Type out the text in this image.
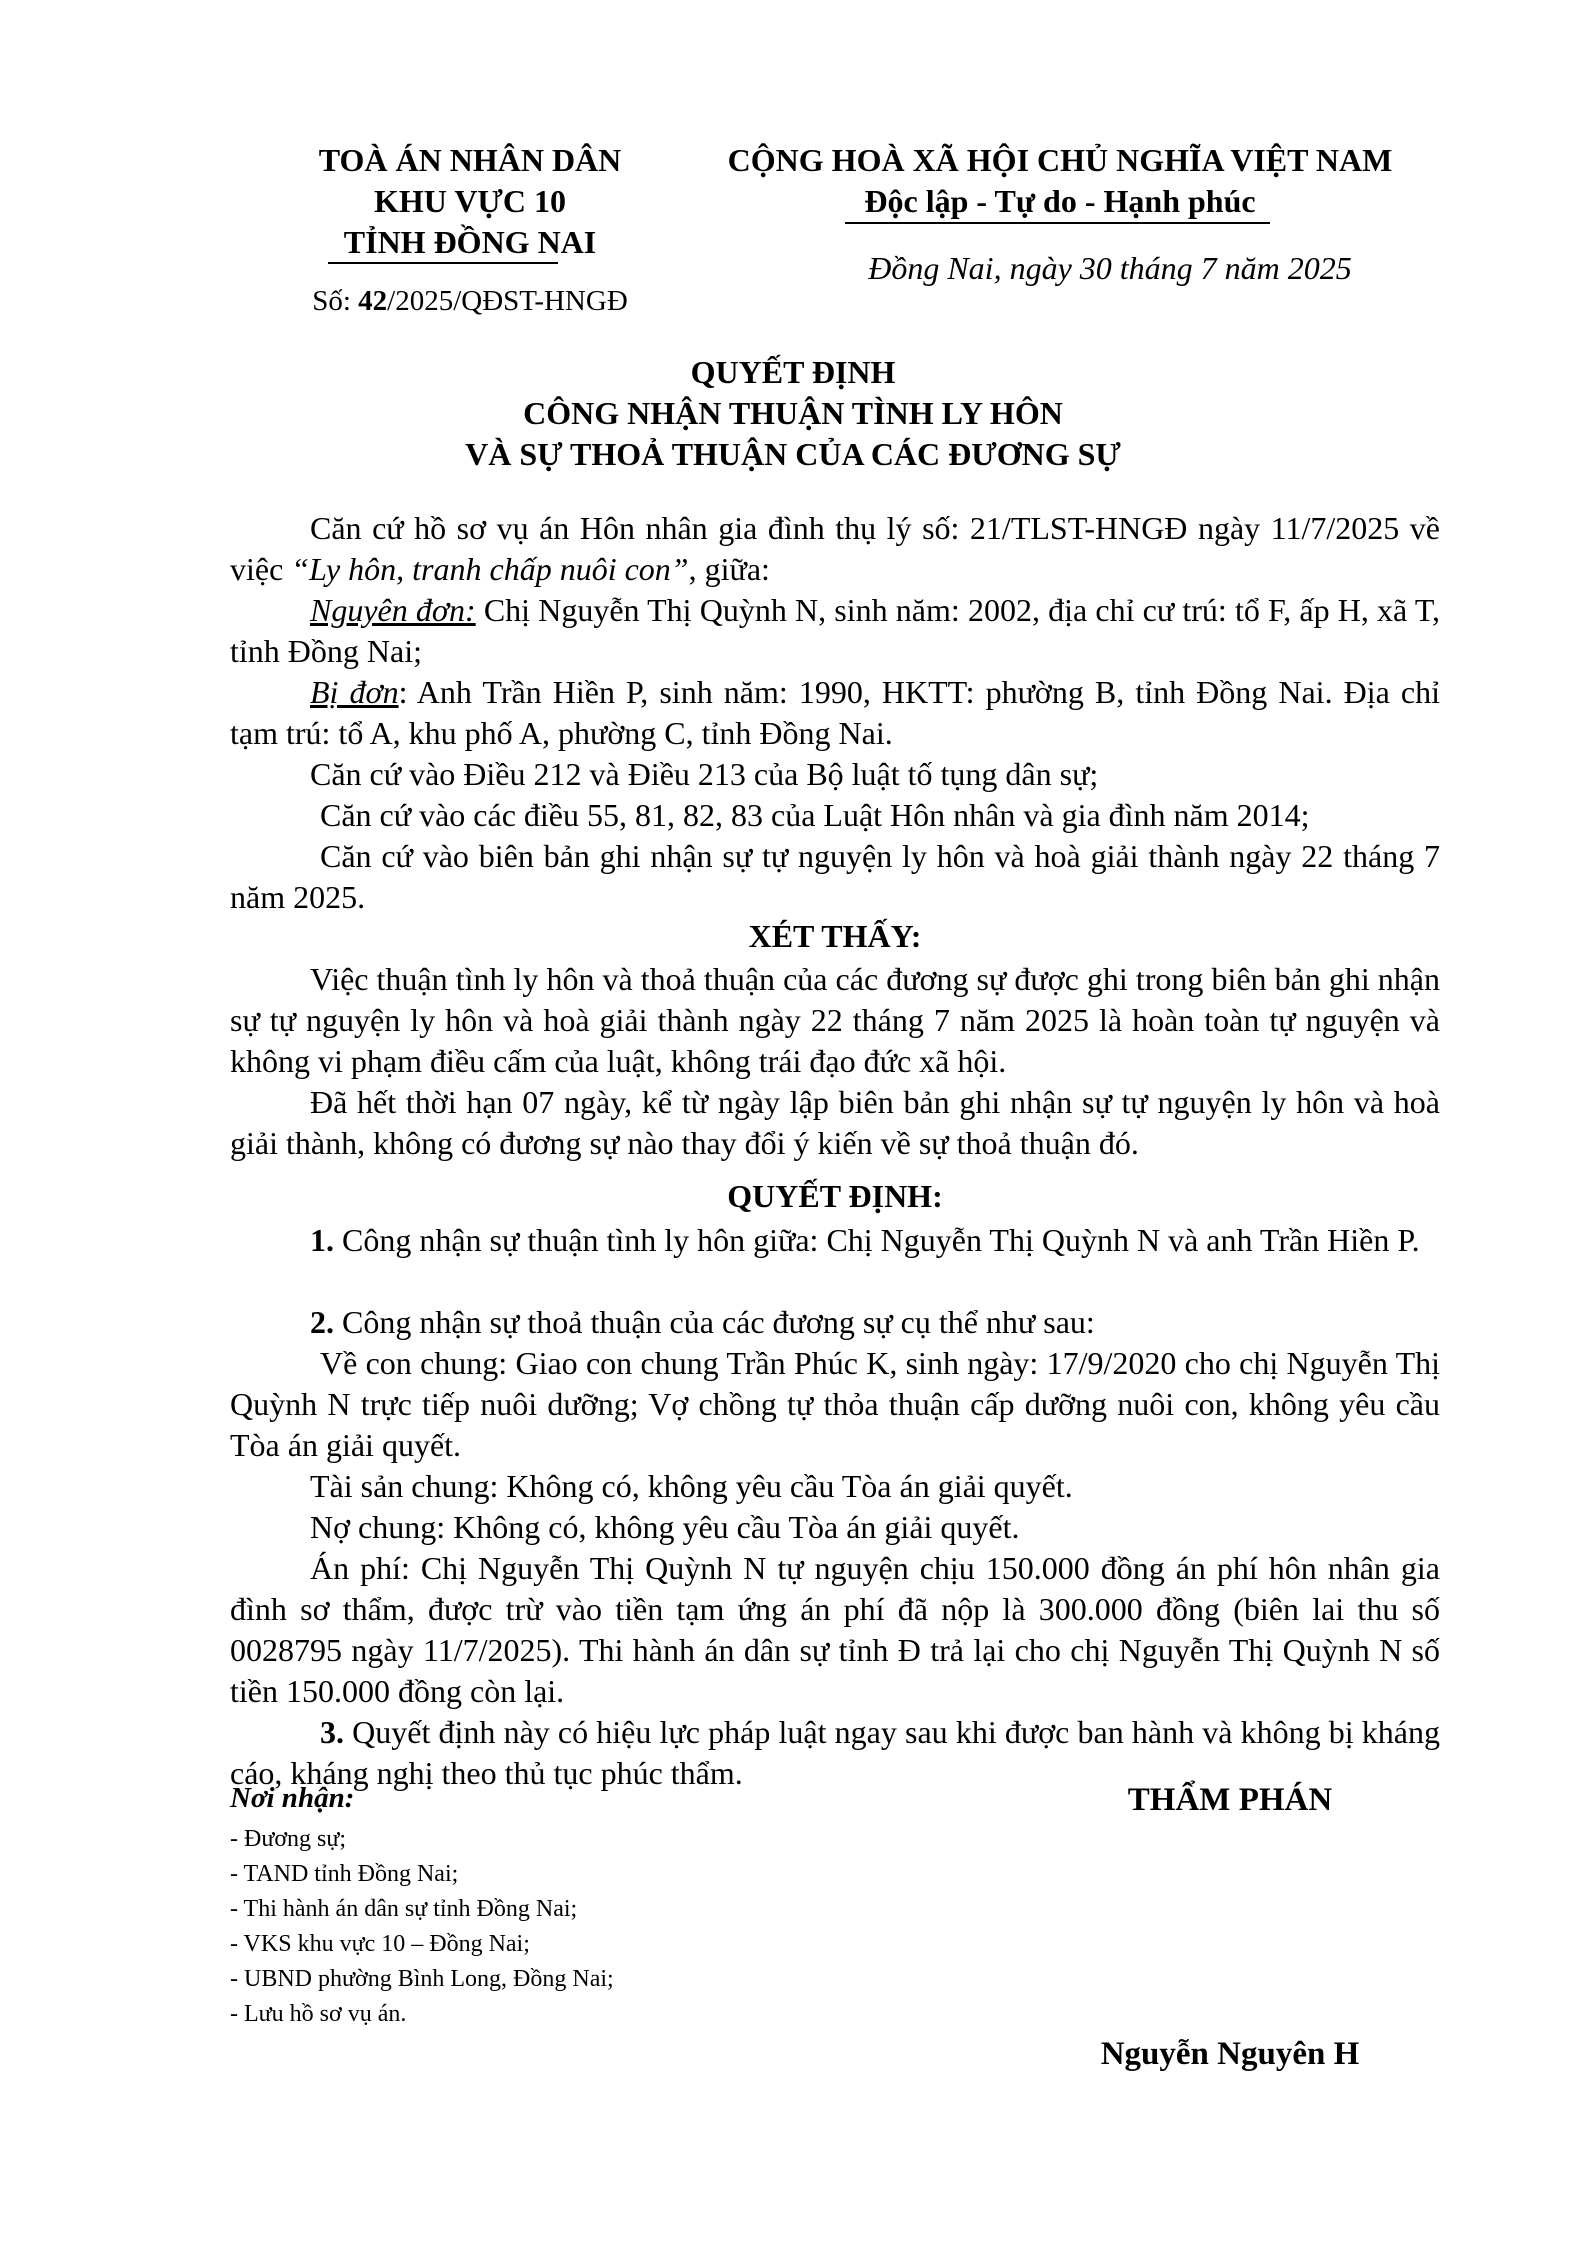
TOÀ ÁN NHÂN DÂN
KHU VỰC 10
TỈNH ĐỒNG NAI
Số: 42/2025/QĐST-HNGĐ
CỘNG HOÀ XÃ HỘI CHỦ NGHĨA VIỆT NAM
Độc lập - Tự do - Hạnh phúc
Đồng Nai, ngày 30 tháng 7 năm 2025
QUYẾT ĐỊNH
CÔNG NHẬN THUẬN TÌNH LY HÔN
VÀ SỰ THOẢ THUẬN CỦA CÁC ĐƯƠNG SỰ
Căn cứ hồ sơ vụ án Hôn nhân gia đình thụ lý số: 21/TLST-HNGĐ ngày 11/7/2025 về việc “Ly hôn, tranh chấp nuôi con”, giữa:
Nguyên đơn: Chị Nguyễn Thị Quỳnh N, sinh năm: 2002, địa chỉ cư trú: tổ F, ấp H, xã T, tỉnh Đồng Nai;
Bị đơn: Anh Trần Hiền P, sinh năm: 1990, HKTT: phường B, tỉnh Đồng Nai. Địa chỉ tạm trú: tổ A, khu phố A, phường C, tỉnh Đồng Nai.
Căn cứ vào Điều 212 và Điều 213 của Bộ luật tố tụng dân sự;
Căn cứ vào các điều 55, 81, 82, 83 của Luật Hôn nhân và gia đình năm 2014;
Căn cứ vào biên bản ghi nhận sự tự nguyện ly hôn và hoà giải thành ngày 22 tháng 7 năm 2025.
XÉT THẤY:
Việc thuận tình ly hôn và thoả thuận của các đương sự được ghi trong biên bản ghi nhận sự tự nguyện ly hôn và hoà giải thành ngày 22 tháng 7 năm 2025 là hoàn toàn tự nguyện và không vi phạm điều cấm của luật, không trái đạo đức xã hội.
Đã hết thời hạn 07 ngày, kể từ ngày lập biên bản ghi nhận sự tự nguyện ly hôn và hoà giải thành, không có đương sự nào thay đổi ý kiến về sự thoả thuận đó.
QUYẾT ĐỊNH:
1. Công nhận sự thuận tình ly hôn giữa: Chị Nguyễn Thị Quỳnh N và anh Trần Hiền P.
2. Công nhận sự thoả thuận của các đương sự cụ thể như sau:
Về con chung: Giao con chung Trần Phúc K, sinh ngày: 17/9/2020 cho chị Nguyễn Thị Quỳnh N trực tiếp nuôi dưỡng; Vợ chồng tự thỏa thuận cấp dưỡng nuôi con, không yêu cầu Tòa án giải quyết.
Tài sản chung: Không có, không yêu cầu Tòa án giải quyết.
Nợ chung: Không có, không yêu cầu Tòa án giải quyết.
Án phí: Chị Nguyễn Thị Quỳnh N tự nguyện chịu 150.000 đồng án phí hôn nhân gia đình sơ thẩm, được trừ vào tiền tạm ứng án phí đã nộp là 300.000 đồng (biên lai thu số 0028795 ngày 11/7/2025). Thi hành án dân sự tỉnh Đ trả lại cho chị Nguyễn Thị Quỳnh N số tiền 150.000 đồng còn lại.
3. Quyết định này có hiệu lực pháp luật ngay sau khi được ban hành và không bị kháng cáo, kháng nghị theo thủ tục phúc thẩm.
Nơi nhận:
- Đương sự;
- TAND tỉnh Đồng Nai;
- Thi hành án dân sự tỉnh Đồng Nai;
- VKS khu vực 10 – Đồng Nai;
- UBND phường Bình Long, Đồng Nai;
- Lưu hồ sơ vụ án.
THẨM PHÁN
Nguyễn Nguyên H
